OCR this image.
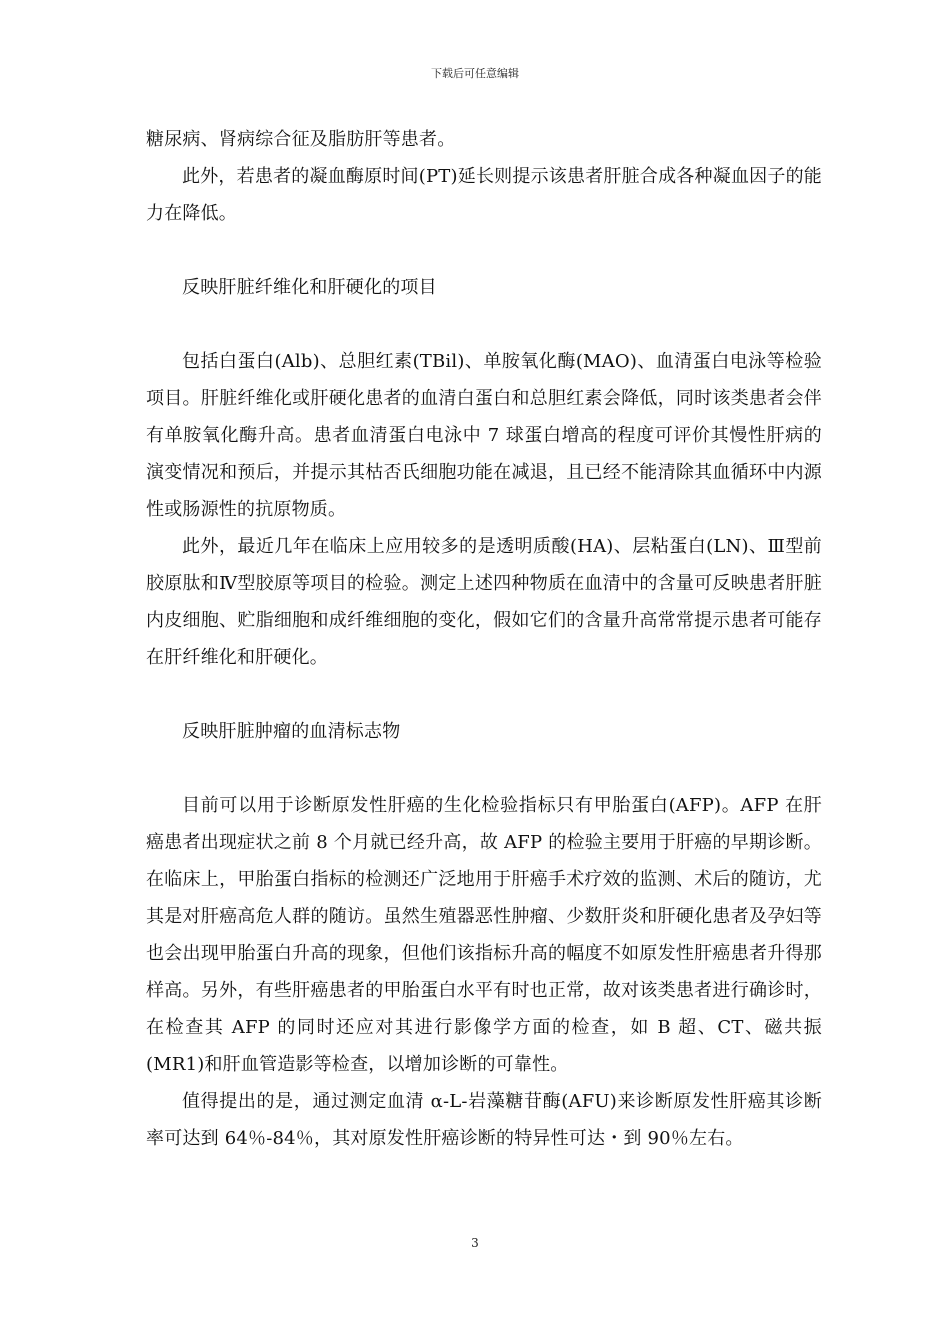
下载后可任意编辑

糖尿病、肾病综合征及脂肪肝等患者。

此外，若患者的凝血酶原时间(PT)延长则提示该患者肝脏合成各种凝血因子的能力在降低。

反映肝脏纤维化和肝硬化的项目

包括白蛋白(Alb)、总胆红素(TBil)、单胺氧化酶(MAO)、血清蛋白电泳等检验项目。肝脏纤维化或肝硬化患者的血清白蛋白和总胆红素会降低，同时该类患者会伴有单胺氧化酶升高。患者血清蛋白电泳中 7 球蛋白增高的程度可评价其慢性肝病的演变情况和预后，并提示其枯否氏细胞功能在减退，且已经不能清除其血循环中内源性或肠源性的抗原物质。

此外，最近几年在临床上应用较多的是透明质酸(HA)、层粘蛋白(LN)、Ⅲ型前胶原肽和Ⅳ型胶原等项目的检验。测定上述四种物质在血清中的含量可反映患者肝脏内皮细胞、贮脂细胞和成纤维细胞的变化，假如它们的含量升高常常提示患者可能存在肝纤维化和肝硬化。

反映肝脏肿瘤的血清标志物

目前可以用于诊断原发性肝癌的生化检验指标只有甲胎蛋白(AFP)。AFP 在肝癌患者出现症状之前 8 个月就已经升高，故 AFP 的检验主要用于肝癌的早期诊断。在临床上，甲胎蛋白指标的检测还广泛地用于肝癌手术疗效的监测、术后的随访，尤其是对肝癌高危人群的随访。虽然生殖器恶性肿瘤、少数肝炎和肝硬化患者及孕妇等也会出现甲胎蛋白升高的现象，但他们该指标升高的幅度不如原发性肝癌患者升得那样高。另外，有些肝癌患者的甲胎蛋白水平有时也正常，故对该类患者进行确诊时，在检查其 AFP 的同时还应对其进行影像学方面的检查，如 B 超、CT、磁共振(MR1)和肝血管造影等检查，以增加诊断的可靠性。

值得提出的是，通过测定血清 α-L-岩藻糖苷酶(AFU)来诊断原发性肝癌其诊断率可达到 64％-84％，其对原发性肝癌诊断的特异性可达・到 90％左右。

3
